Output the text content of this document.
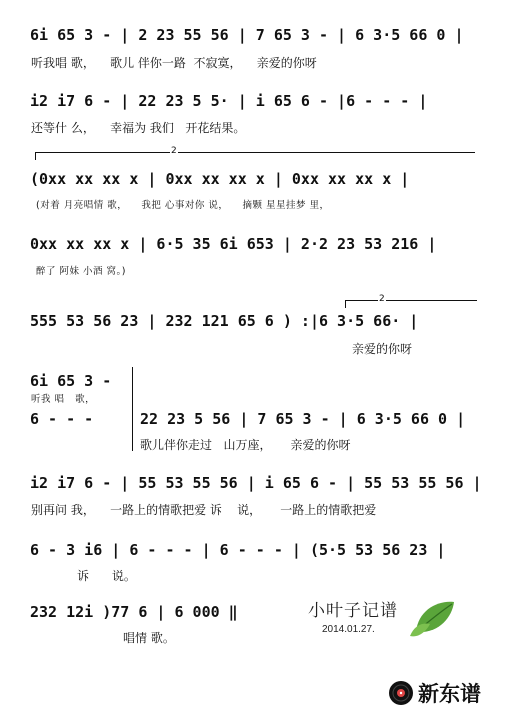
6i 65 3 - | 2 23 55 56 | 7 65 3 - | 6 3·5 66 0 |
听我唱 歌，    歌儿 伴你一路  不寂寞，    亲爱的你呀
i2 i7 6 - | 22 23 5 5· | i 65 6 - |6 - - - |
还等什 么，    幸福为 我们   开花结果。
2
(0xx xx xx x | 0xx xx xx x | 0xx xx xx x |
(对着 月亮唱情 歌，    我把 心事对你 说，    摘颗 星星挂梦 里，
0xx xx xx x | 6·5 35 6i 653 | 2·2 23 53 216 |
醉了 阿妹 小酒 窝。)
555 53 56 23 | 232 121 65 6 ) :|6 3·5 66· |
2
亲爱的你呀
6i 65 3 -
听我 唱   歌，
6 - - -	22 23 5 56 | 7 65 3 - | 6 3·5 66 0 |
歌儿伴你走过   山万座，     亲爱的你呀
i2 i7 6 - | 55 53 55 56 | i 65 6 - | 55 53 55 56 |
别再问 我，    一路上的情歌把爱 诉    说，     一路上的情歌把爱
6 - 3 i6 | 6 - - - | 6 - - - | (5·5 53 56 23 |
诉      说。
232 12i )77 6 | 6 000 ‖
唱情 歌。
小叶子记谱
2014.01.27.
新东谱
